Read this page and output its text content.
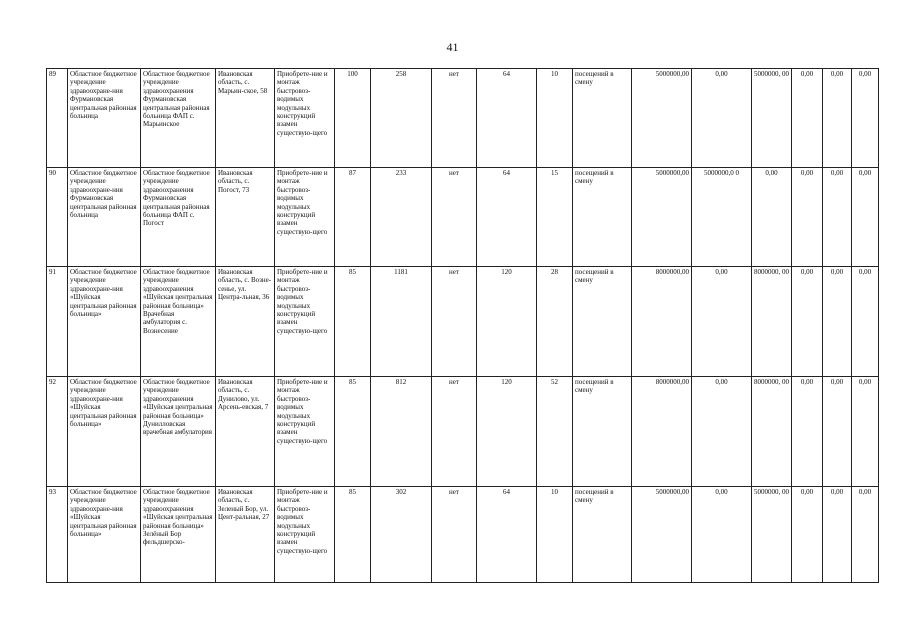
41
89	Областное бюджетное учреждение здравоохране-ния Фурмановская центральная районная больница	Областное бюджетное учреждение здравоохранения Фурмановская центральная районная больница ФАП с. Марьинское	Ивановская область, с. Марьин-ское, 58	Приобрете-ние и монтаж быстровоз-водимых модульных конструкций взамен существую-щего	100	258	нет	64	10	посещений в смену	5000000,00	0,00	5000000, 00	0,00	0,00	0,00
90	Областное бюджетное учреждение здравоохране-ния Фурмановская центральная районная больница	Областное бюджетное учреждение здравоохранения Фурмановская центральная районная больница ФАП с. Погост	Ивановская область, с. Погост, 73	Приобрете-ние и монтаж быстровоз-водимых модульных конструкций взамен существую-щего	87	233	нет	64	15	посещений в смену	5000000,00	5000000,0 0	0,00	0,00	0,00	0,00
91	Областное бюджетное учреждение здравоохране-ния «Шуйская центральная районная больница»	Областное бюджетное учреждение здравоохранения «Шуйская центральная районная больница» Врачебная амбулатория с. Вознесение	Ивановская область, с. Возне-сенье, ул. Центра-льная, 36	Приобрете-ние и монтаж быстровоз-водимых модульных конструкций взамен существую-щего	85	1181	нет	120	28	посещений в смену	8000000,00	0,00	8000000, 00	0,00	0,00	0,00
92	Областное бюджетное учреждение здравоохране-ния «Шуйская центральная районная больница»	Областное бюджетное учреждение здравоохранения «Шуйская центральная районная больница» Дунилловская врачебная амбулатория	Ивановская область, с. Дунилово, ул. Арсень-евская, 7	Приобрете-ние и монтаж быстровоз-водимых модульных конструкций взамен существую-щего	85	812	нет	120	52	посещений в смену	8000000,00	0,00	8000000, 00	0,00	0,00	0,00
93	Областное бюджетное учреждение здравоохране-ния «Шуйская центральная районная больница»	Областное бюджетное учреждение здравоохранения «Шуйская центральная районная больница» Зелёный Бор фельдшерско-	Ивановская область, с. Зеленый Бор, ул. Цент-ральная, 27	Приобрете-ние и монтаж быстровоз-водимых модульных конструкций взамен существую-щего	85	302	нет	64	10	посещений в смену	5000000,00	0,00	5000000, 00	0,00	0,00	0,00
